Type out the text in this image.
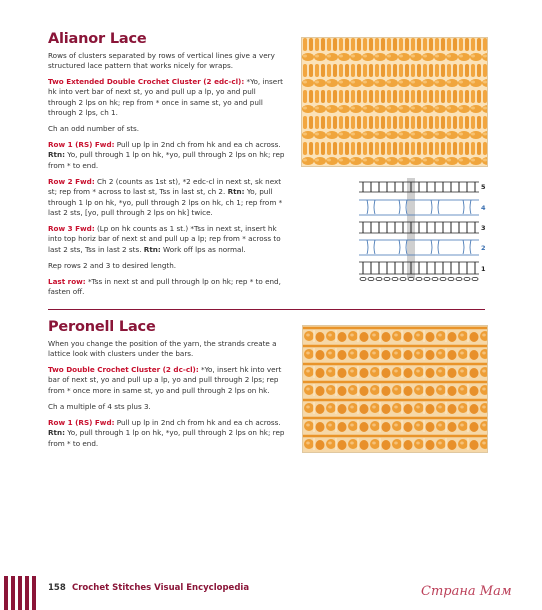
Alianor Lace

Rows of clusters separated by rows of vertical lines give a very structured lace pattern that works nicely for wraps.

Two Extended Double Crochet Cluster (2 edc-cl): *Yo, insert hk into vert bar of next st, yo and pull up a lp, yo and pull through 2 lps on hk; rep from * once in same st, yo and pull through 2 lps, ch 1.

Ch an odd number of sts.

Row 1 (RS) Fwd: Pull up lp in 2nd ch from hk and ea ch across.
Rtn: Yo, pull through 1 lp on hk, *yo, pull through 2 lps on hk; rep from * to end.

Row 2 Fwd: Ch 2 (counts as 1st st), *2 edc-cl in next st, sk next st; rep from * across to last st, Tss in last st, ch 2. Rtn: Yo, pull through 1 lp on hk, *yo, pull through 2 lps on hk, ch 1; rep from * last 2 sts, [yo, pull through 2 lps on hk] twice.

Row 3 Fwd: (Lp on hk counts as 1 st.) *Tss in next st, insert hk into top horiz bar of next st and pull up a lp; rep from * across to last 2 sts, Tss in last 2 sts. Rtn: Work off lps as normal.

Rep rows 2 and 3 to desired length.

Last row: *Tss in next st and pull through lp on hk; rep * to end, fasten off.

5
4
3
2
1
Peronell Lace

When you change the position of the yarn, the strands create a lattice look with clusters under the bars.

Two Double Crochet Cluster (2 dc-cl): *Yo, insert hk into vert bar of next st, yo and pull up a lp, yo and pull through 2 lps; rep from * once more in same st, yo and pull through 2 lps on hk.

Ch a multiple of 4 sts plus 3.

Row 1 (RS) Fwd: Pull up lp in 2nd ch from hk and ea ch across.
Rtn: Yo, pull through 1 lp on hk, *yo, pull through 2 lps on hk; rep from * to end.

158 Crochet Stitches Visual Encyclopedia	Страна Мам
